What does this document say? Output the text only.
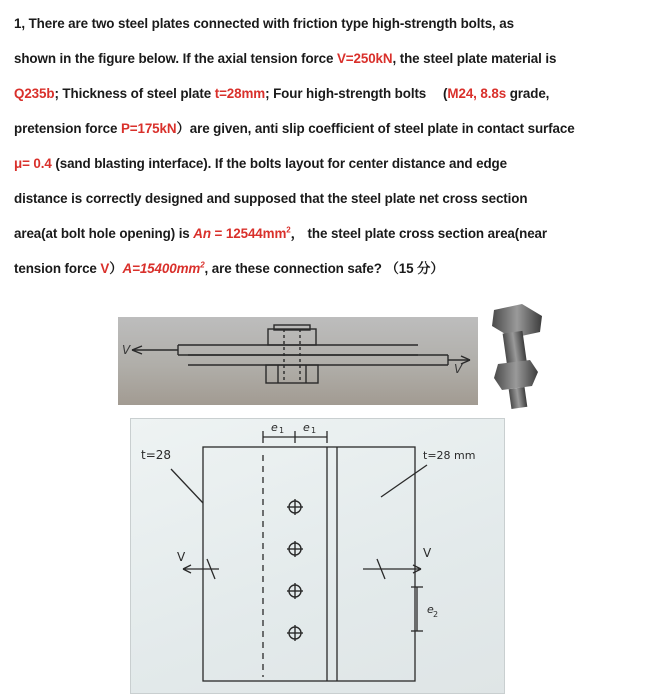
1, There are two steel plates connected with friction type high-strength bolts, as
shown in the figure below. If the axial tension force V=250kN, the steel plate material is
Q235b; Thickness of steel plate t=28mm; Four high-strength bolts 　(M24, 8.8s grade,
pretension force P=175kN）are given, anti slip coefficient of steel plate in contact surface
μ= 0.4 (sand blasting interface). If the bolts layout for center distance and edge
distance is correctly designed and supposed that the steel plate net cross section
area(at bolt hole opening) is $An = 12544mm^2$， the steel plate cross section area(near
tension force $V)A=15400mm^2$, are these connection safe? （15 分）
V
V
t=28	t=28 mm
e 1 e 1
V	V
e 2
